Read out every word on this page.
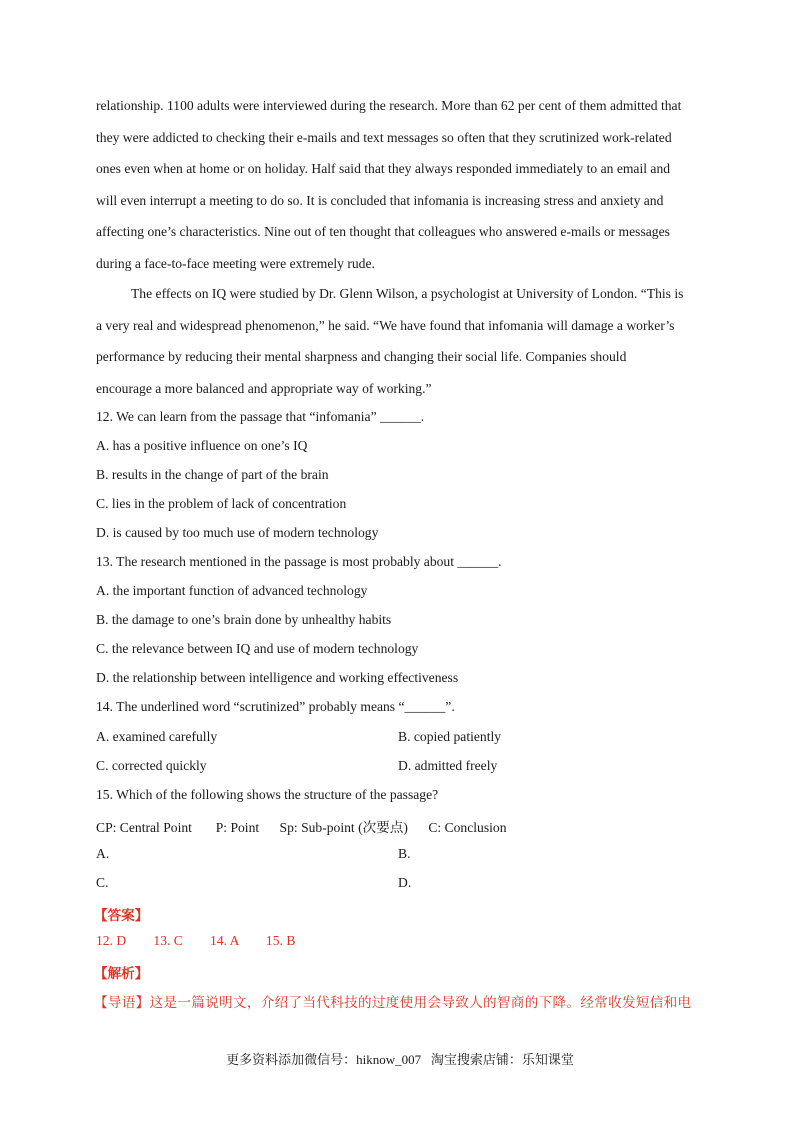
relationship. 1100 adults were interviewed during the research. More than 62 per cent of them admitted that
they were addicted to checking their e-mails and text messages so often that they scrutinized work-related
ones even when at home or on holiday. Half said that they always responded immediately to an email and
will even interrupt a meeting to do so. It is concluded that infomania is increasing stress and anxiety and
affecting one’s characteristics. Nine out of ten thought that colleagues who answered e-mails or messages
during a face-to-face meeting were extremely rude.
The effects on IQ were studied by Dr. Glenn Wilson, a psychologist at University of London. “This is
a very real and widespread phenomenon,” he said. “We have found that infomania will damage a worker’s
performance by reducing their mental sharpness and changing their social life. Companies should
encourage a more balanced and appropriate way of working.”
12. We can learn from the passage that “infomania” ______.
A. has a positive influence on one’s IQ
B. results in the change of part of the brain
C. lies in the problem of lack of concentration
D. is caused by too much use of modern technology
13. The research mentioned in the passage is most probably about ______.
A. the important function of advanced technology
B. the damage to one’s brain done by unhealthy habits
C. the relevance between IQ and use of modern technology
D. the relationship between intelligence and working effectiveness
14. The underlined word “scrutinized” probably means “______”.
A. examined carefully	B. copied patiently
C. corrected quickly	D. admitted freely
15. Which of the following shows the structure of the passage?
CP: Central Point       P: Point      Sp: Sub-point (次要点)      C: Conclusion
A.	B.
C.	D.
【答案】
12. D        13. C        14. A        15. B
【解析】
【导语】这是一篇说明文，介绍了当代科技的过度使用会导致人的智商的下降。经常收发短信和电
更多资料添加微信号：hiknow_007   淘宝搜索店铺：乐知课堂
